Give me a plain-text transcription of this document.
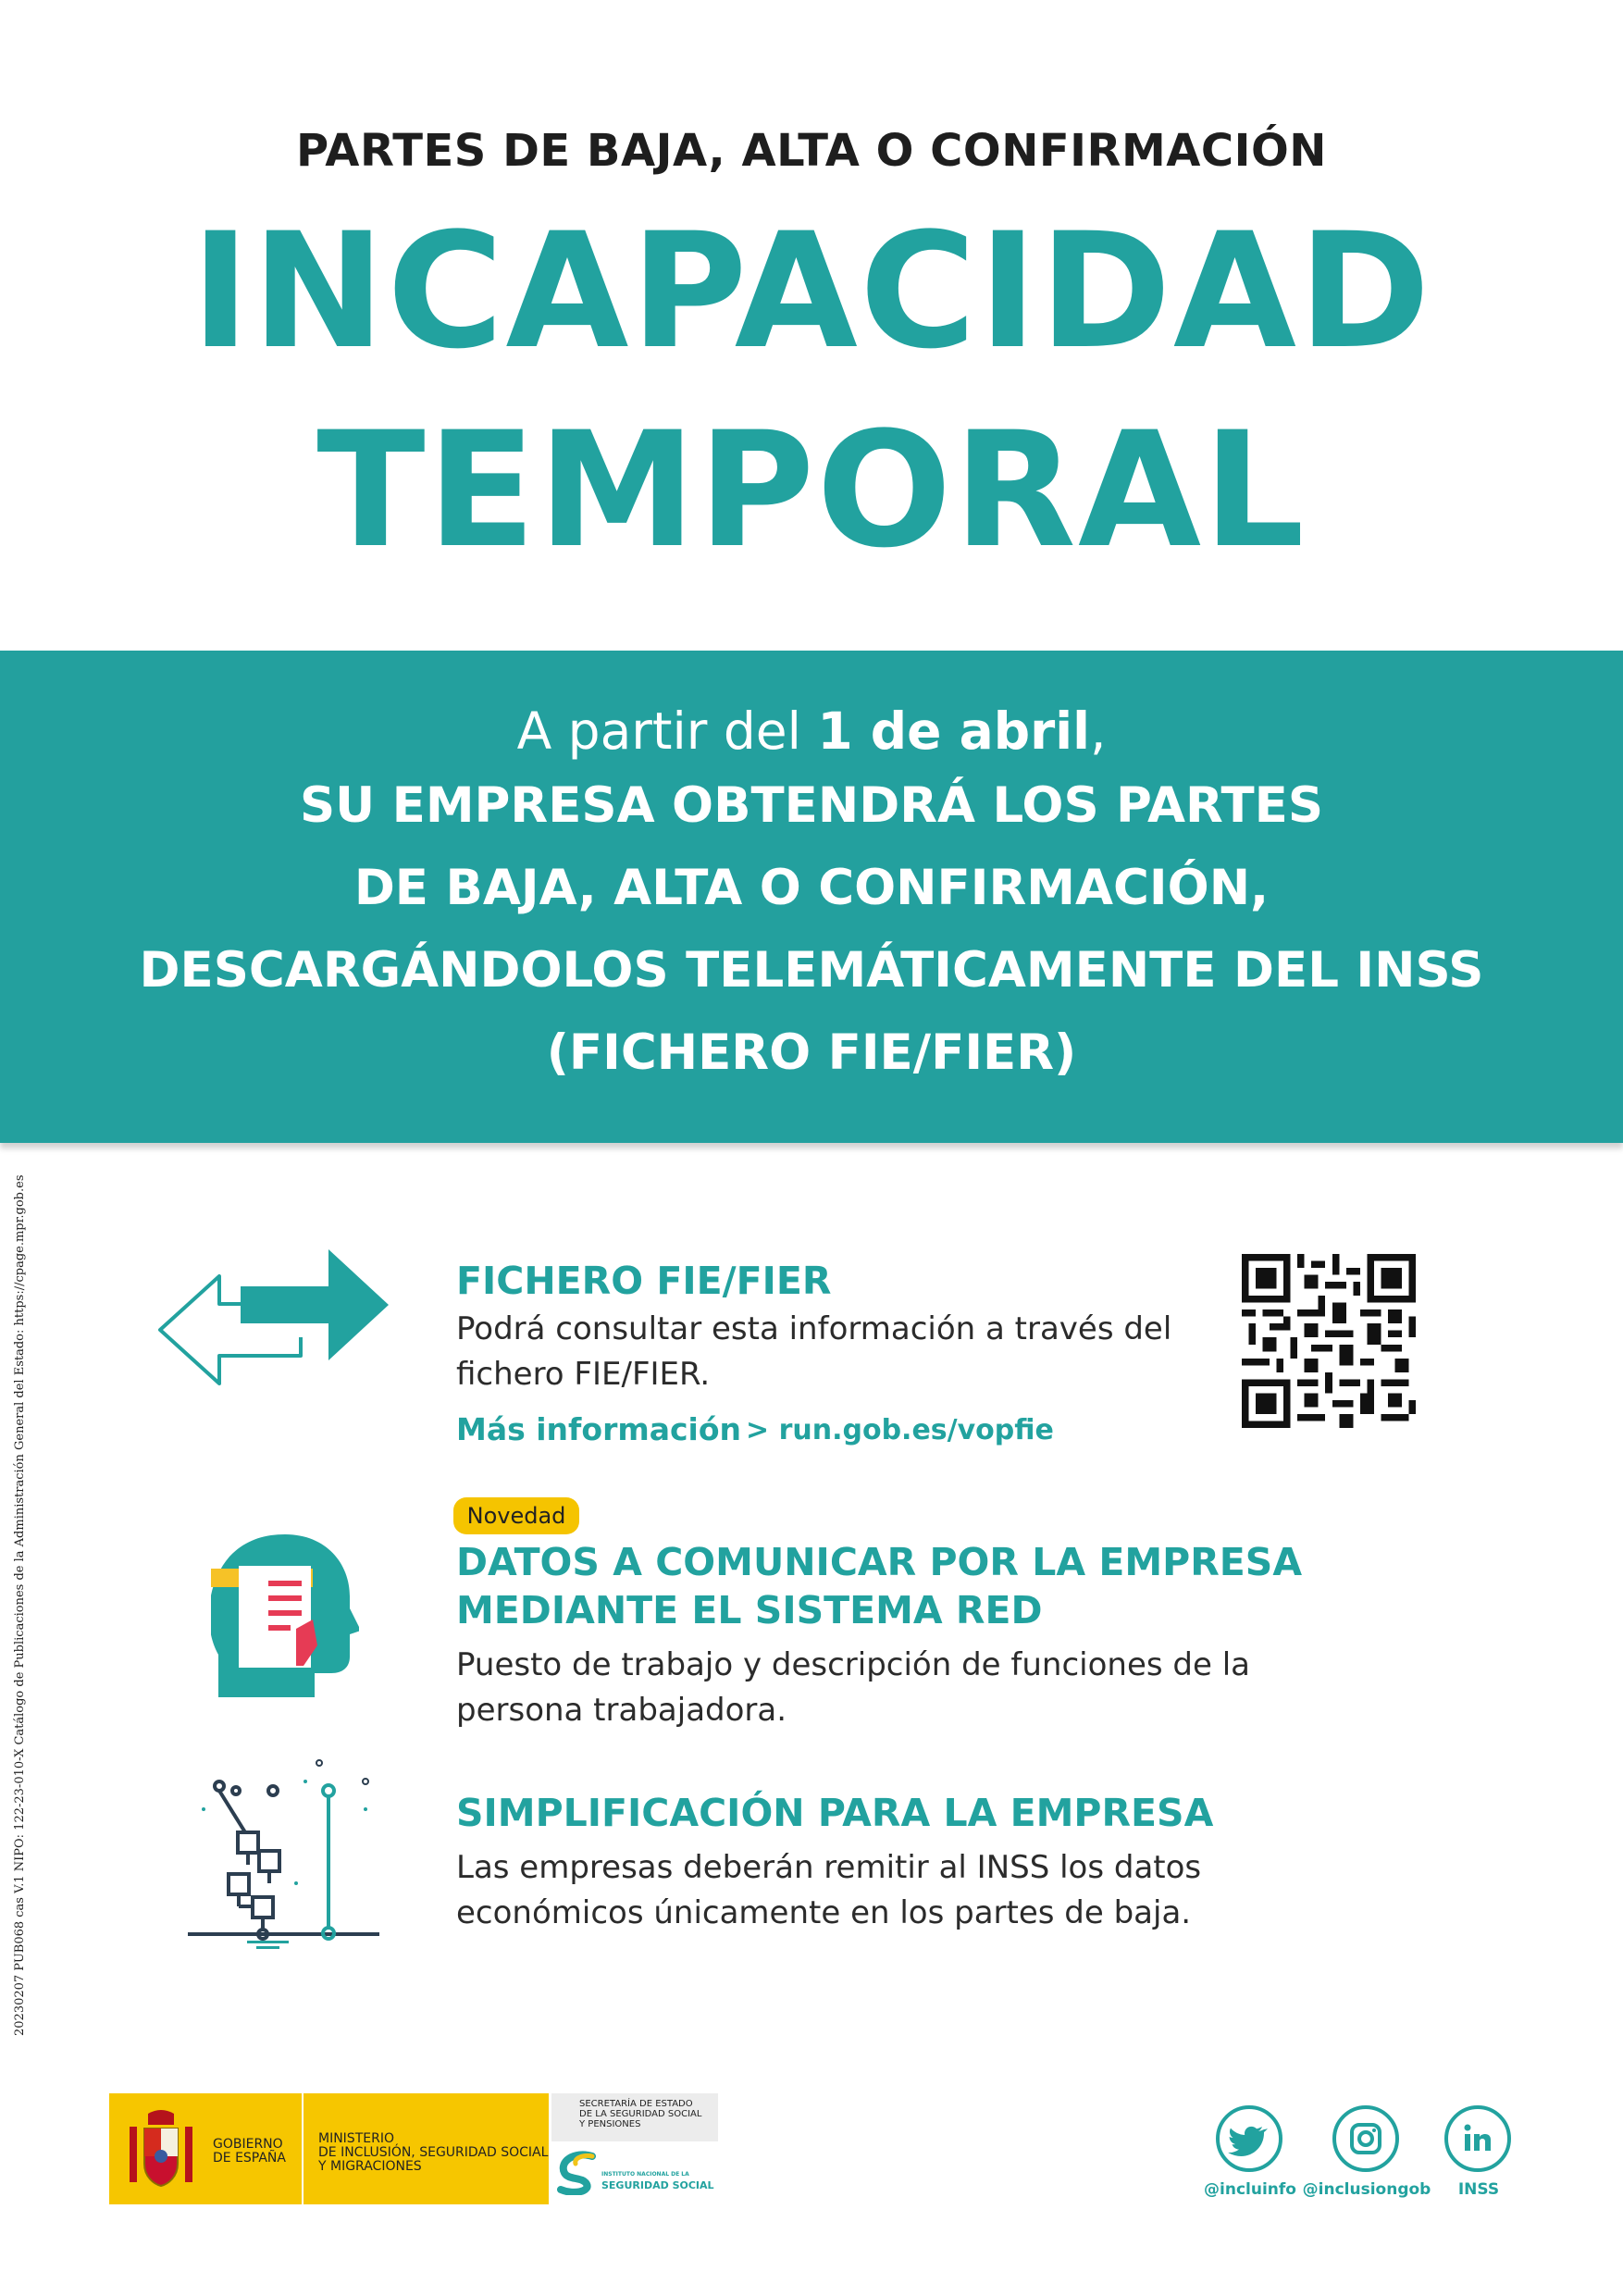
PARTES DE BAJA, ALTA O CONFIRMACIÓN
INCAPACIDAD
TEMPORAL
A partir del 1 de abril,
SU EMPRESA OBTENDRÁ LOS PARTES
DE BAJA, ALTA O CONFIRMACIÓN,
DESCARGÁNDOLOS TELEMÁTICAMENTE DEL INSS
(FICHERO FIE/FIER)
FICHERO FIE/FIER
Podrá consultar esta información a través del
fichero FIE/FIER.
Más información > run.gob.es/vopfie
Novedad
DATOS A COMUNICAR POR LA EMPRESA
MEDIANTE EL SISTEMA RED
Puesto de trabajo y descripción de funciones de la
persona trabajadora.
SIMPLIFICACIÓN PARA LA EMPRESA
Las empresas deberán remitir al INSS los datos
económicos únicamente en los partes de baja.
20230207 PUB068 cas V.1 NIPO: 122-23-010-X Catálogo de Publicaciones de la Administración General del Estado: https://cpage.mpr.gob.es
GOBIERNO
DE ESPAÑA
MINISTERIO
DE INCLUSIÓN, SEGURIDAD SOCIAL
Y MIGRACIONES
SECRETARÍA DE ESTADO
DE LA SEGURIDAD SOCIAL
Y PENSIONES
INSTITUTO NACIONAL DE LA
SEGURIDAD SOCIAL	@incluinfo @inclusiongob	INSS
